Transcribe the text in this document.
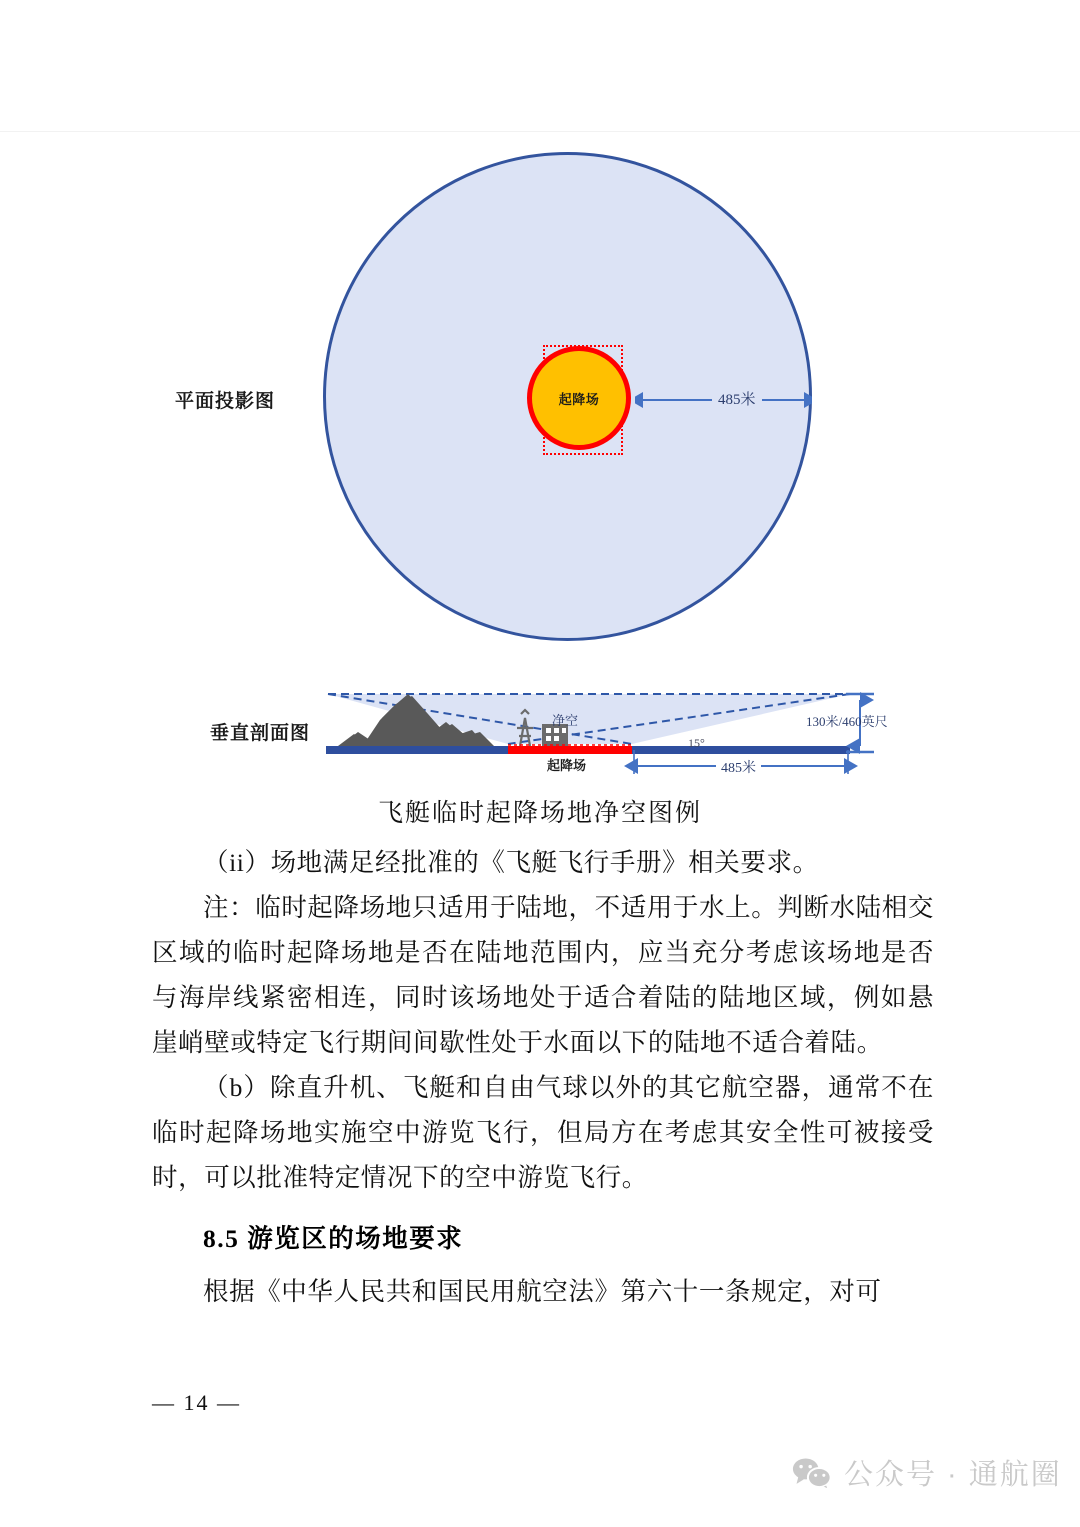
平面投影图	起降场	485米
垂直剖面图
净空
起降场
15°
130米/460英尺
485米
飞艇临时起降场地净空图例

（ii）场地满足经批准的《飞艇飞行手册》相关要求。

注：临时起降场地只适用于陆地，不适用于水上。判断水陆相交区域的临时起降场地是否在陆地范围内，应当充分考虑该场地是否与海岸线紧密相连，同时该场地处于适合着陆的陆地区域，例如悬崖峭壁或特定飞行期间间歇性处于水面以下的陆地不适合着陆。

（b）除直升机、飞艇和自由气球以外的其它航空器，通常不在临时起降场地实施空中游览飞行，但局方在考虑其安全性可被接受时，可以批准特定情况下的空中游览飞行。

8.5 游览区的场地要求

根据《中华人民共和国民用航空法》第六十一条规定，对可

— 14 —
公众号 · 通航圈
